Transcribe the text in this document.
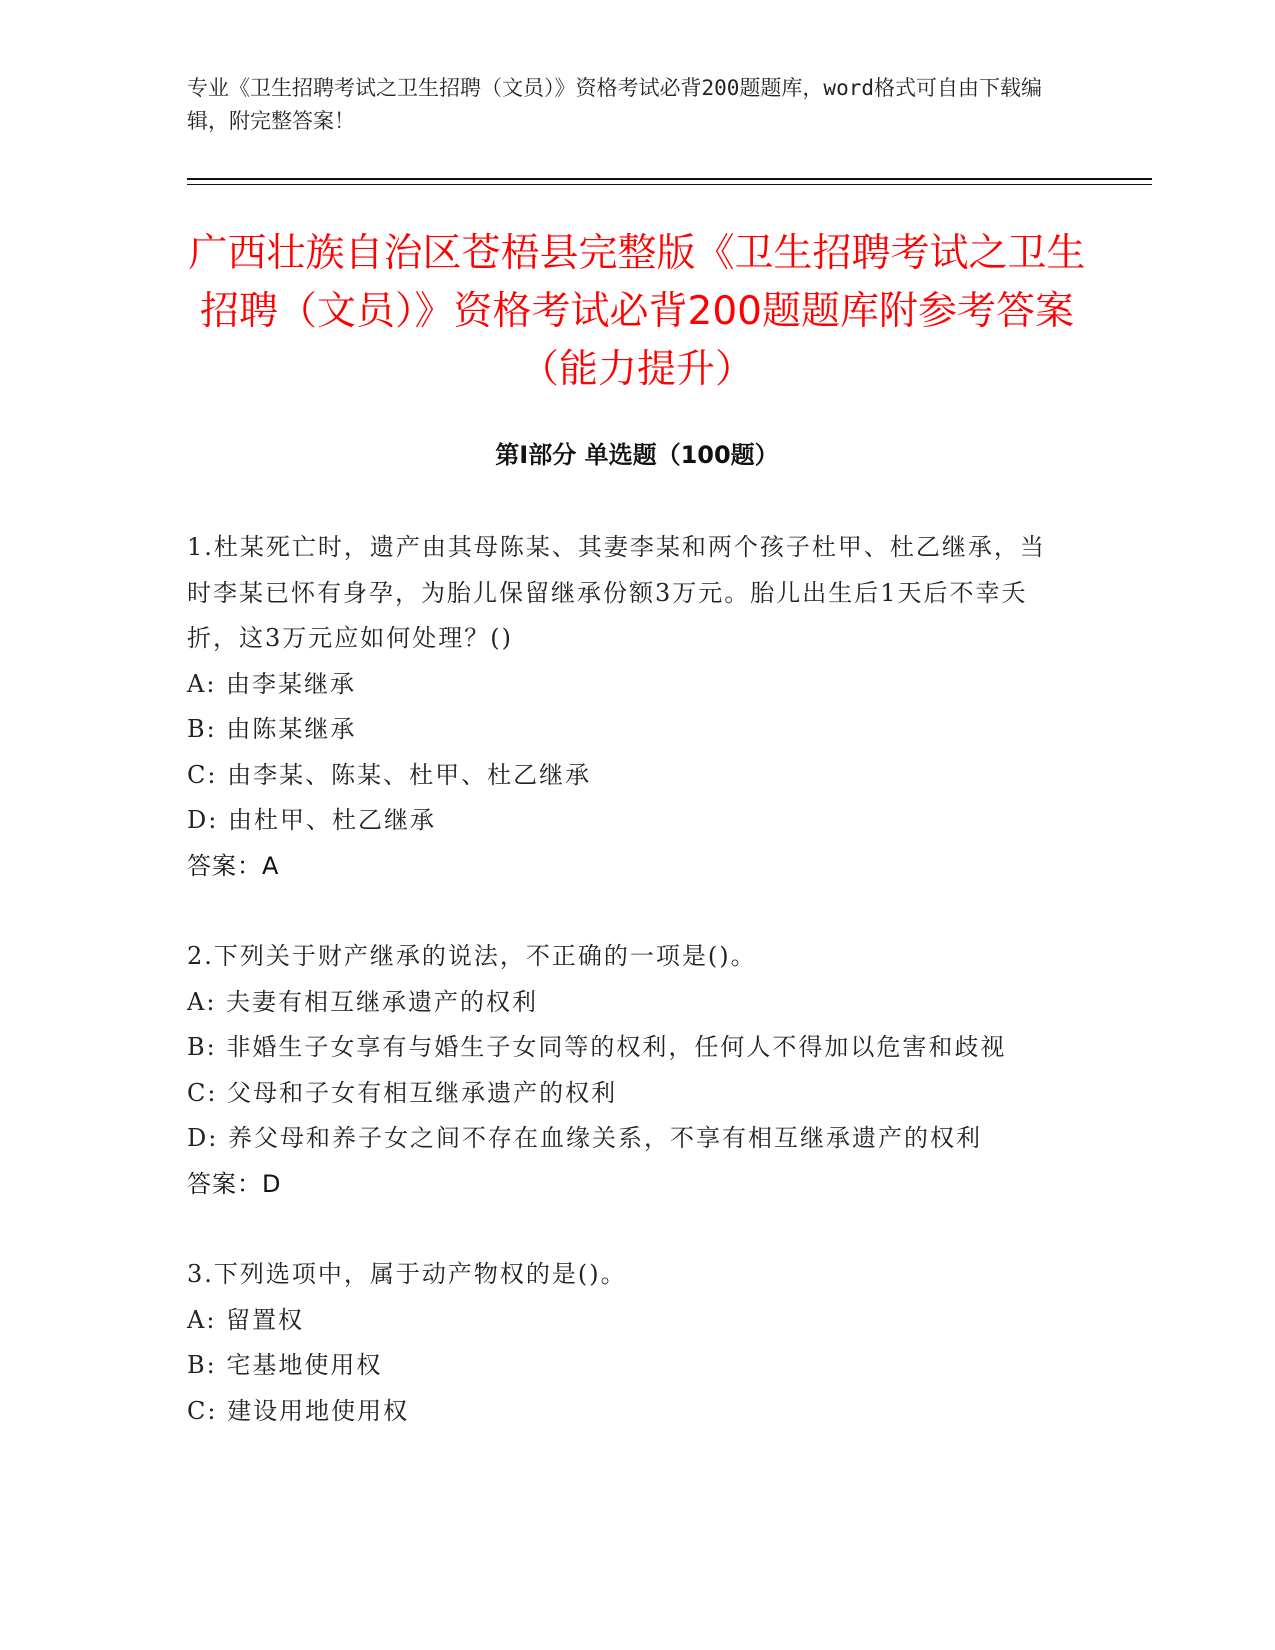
专业《卫生招聘考试之卫生招聘（文员）》资格考试必背200题题库，word格式可自由下载编辑，附完整答案！

广西壮族自治区苍梧县完整版《卫生招聘考试之卫生招聘（文员）》资格考试必背200题题库附参考答案（能力提升）
第Ⅰ部分 单选题（100题）

1.杜某死亡时，遗产由其母陈某、其妻李某和两个孩子杜甲、杜乙继承，当时李某已怀有身孕，为胎儿保留继承份额3万元。胎儿出生后1天后不幸夭折，这3万元应如何处理？()

A: 由李某继承

B: 由陈某继承

C: 由李某、陈某、杜甲、杜乙继承

D: 由杜甲、杜乙继承

答案：A

2.下列关于财产继承的说法，不正确的一项是()。

A: 夫妻有相互继承遗产的权利

B: 非婚生子女享有与婚生子女同等的权利，任何人不得加以危害和歧视

C: 父母和子女有相互继承遗产的权利

D: 养父母和养子女之间不存在血缘关系，不享有相互继承遗产的权利

答案：D

3.下列选项中，属于动产物权的是()。

A: 留置权

B: 宅基地使用权

C: 建设用地使用权
